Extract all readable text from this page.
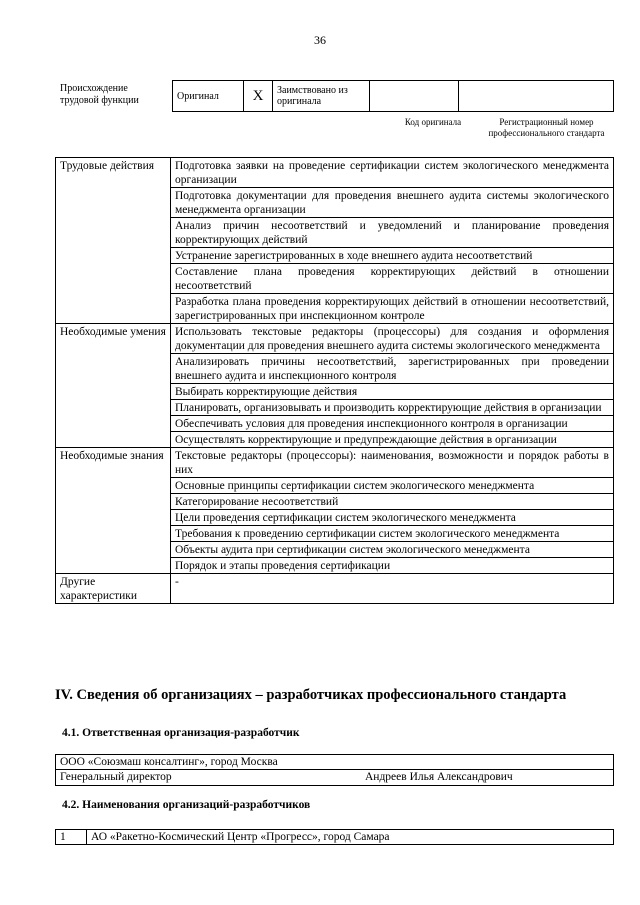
36
Происхождение трудовой функции	Оригинал	X	Заимствовано из оригинала		
Код оригинала	Регистрационный номер профессионального стандарта
Трудовые действия	Подготовка заявки на проведение сертификации систем экологического менеджмента организации
	Подготовка документации для проведения внешнего аудита системы экологического менеджмента организации
	Анализ причин несоответствий и уведомлений и планирование проведения корректирующих действий
	Устранение зарегистрированных в ходе внешнего аудита несоответствий
	Составление плана проведения корректирующих действий в отношении несоответствий
	Разработка плана проведения корректирующих действий в отношении несоответствий, зарегистрированных при инспекционном контроле
Необходимые умения	Использовать текстовые редакторы (процессоры) для создания и оформления документации для проведения внешнего аудита системы экологического менеджмента
	Анализировать причины несоответствий, зарегистрированных при проведении внешнего аудита и инспекционного контроля
	Выбирать корректирующие действия
	Планировать, организовывать и производить корректирующие действия в организации
	Обеспечивать условия для проведения инспекционного контроля в организации
	Осуществлять корректирующие и предупреждающие действия в организации
Необходимые знания	Текстовые редакторы (процессоры): наименования, возможности и порядок работы в них
	Основные принципы сертификации систем экологического менеджмента
	Категорирование несоответствий
	Цели проведения сертификации систем экологического менеджмента
	Требования к проведению сертификации систем экологического менеджмента
	Объекты аудита при сертификации систем экологического менеджмента
	Порядок и этапы проведения сертификации
Другие характеристики	-
IV. Сведения об организациях – разработчиках профессионального стандарта
4.1. Ответственная организация-разработчик
ООО «Союзмаш консалтинг», город Москва

Генеральный директор	Андреев Илья Александрович
4.2. Наименования организаций-разработчиков
1	АО «Ракетно-Космический Центр «Прогресс», город Самара
